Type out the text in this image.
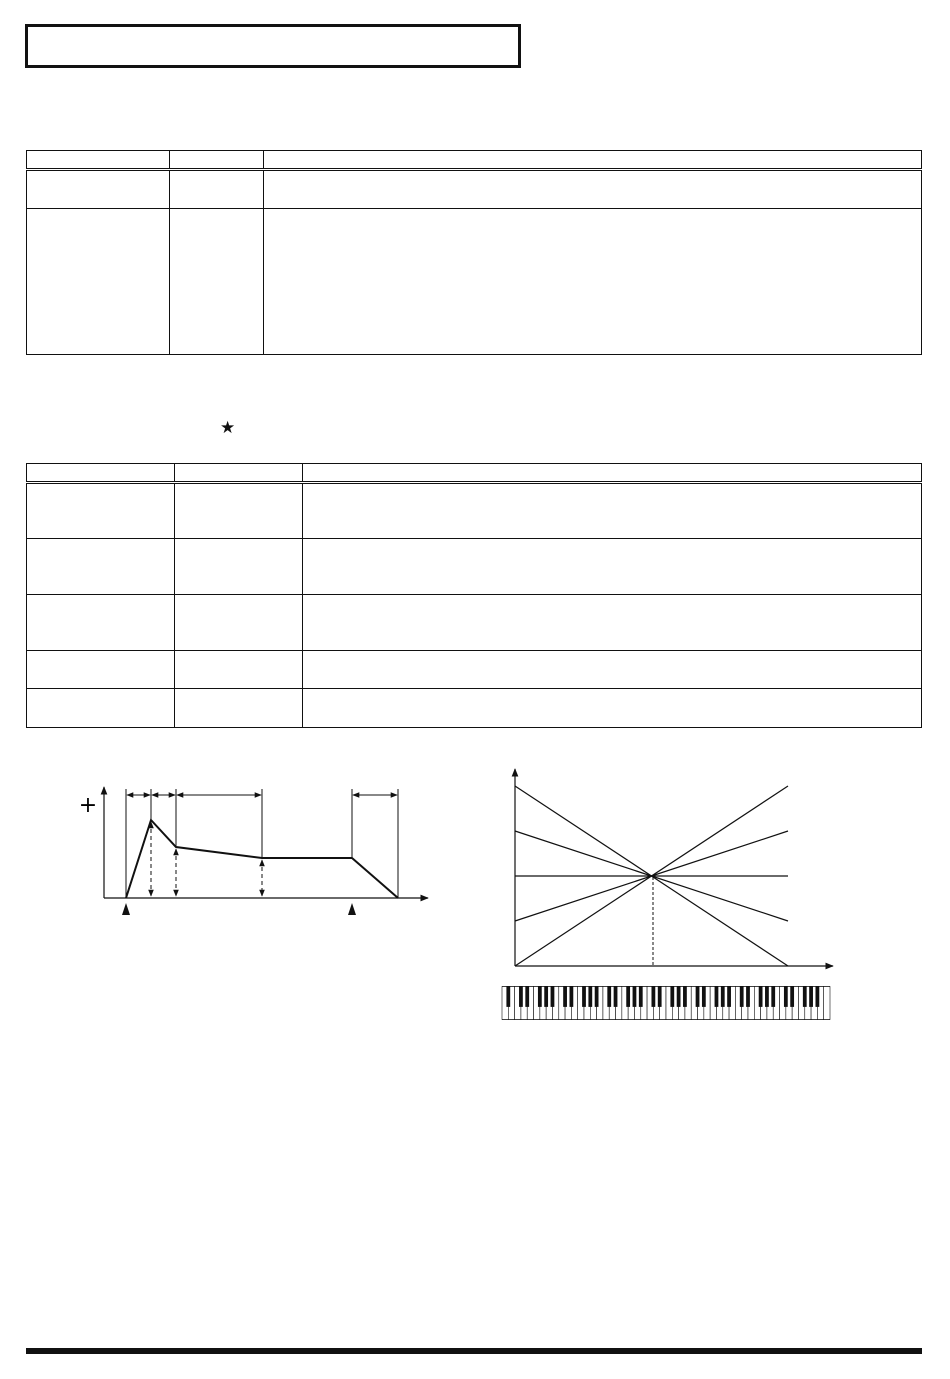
★

+
